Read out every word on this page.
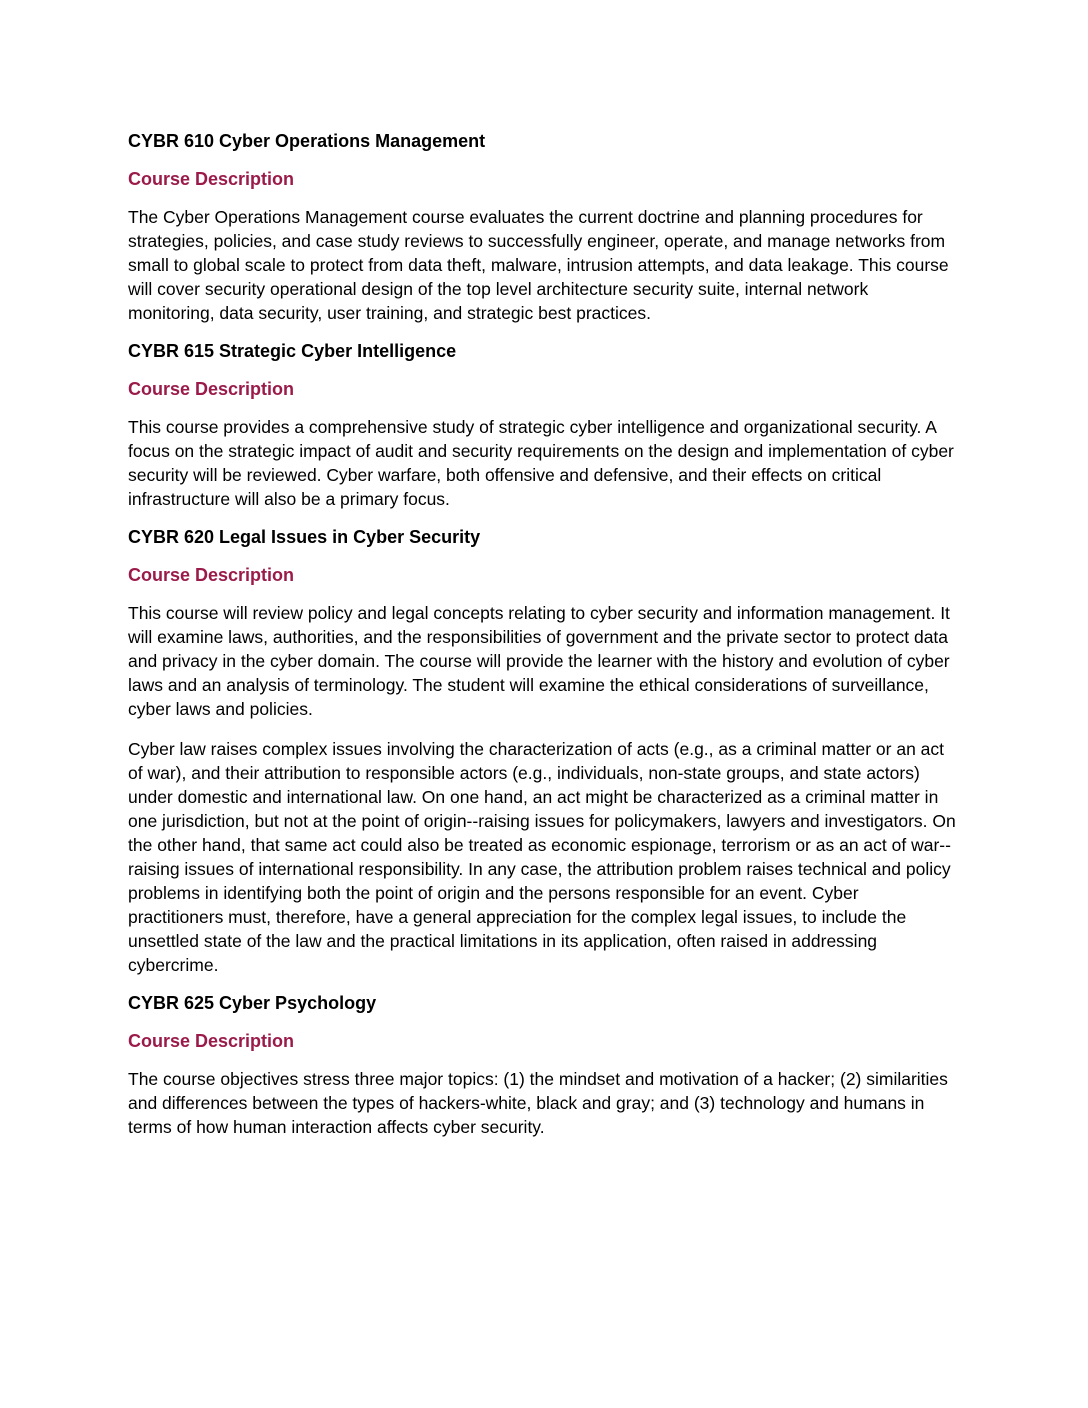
CYBR 610 Cyber Operations Management
Course Description

The Cyber Operations Management course evaluates the current doctrine and planning procedures for strategies, policies, and case study reviews to successfully engineer, operate, and manage networks from small to global scale to protect from data theft, malware, intrusion attempts, and data leakage. This course will cover security operational design of the top level architecture security suite, internal network monitoring, data security, user training, and strategic best practices.

CYBR 615 Strategic Cyber Intelligence
Course Description

This course provides a comprehensive study of strategic cyber intelligence and organizational security. A focus on the strategic impact of audit and security requirements on the design and implementation of cyber security will be reviewed. Cyber warfare, both offensive and defensive, and their effects on critical infrastructure will also be a primary focus.

CYBR 620 Legal Issues in Cyber Security
Course Description

This course will review policy and legal concepts relating to cyber security and information management. It will examine laws, authorities, and the responsibilities of government and the private sector to protect data and privacy in the cyber domain. The course will provide the learner with the history and evolution of cyber laws and an analysis of terminology. The student will examine the ethical considerations of surveillance, cyber laws and policies.

Cyber law raises complex issues involving the characterization of acts (e.g., as a criminal matter or an act of war), and their attribution to responsible actors (e.g., individuals, non-state groups, and state actors) under domestic and international law. On one hand, an act might be characterized as a criminal matter in one jurisdiction, but not at the point of origin--raising issues for policymakers, lawyers and investigators. On the other hand, that same act could also be treated as economic espionage, terrorism or as an act of war--raising issues of international responsibility. In any case, the attribution problem raises technical and policy problems in identifying both the point of origin and the persons responsible for an event. Cyber practitioners must, therefore, have a general appreciation for the complex legal issues, to include the unsettled state of the law and the practical limitations in its application, often raised in addressing cybercrime.

CYBR 625 Cyber Psychology
Course Description

The course objectives stress three major topics: (1) the mindset and motivation of a hacker; (2) similarities and differences between the types of hackers-white, black and gray; and (3) technology and humans in terms of how human interaction affects cyber security.
